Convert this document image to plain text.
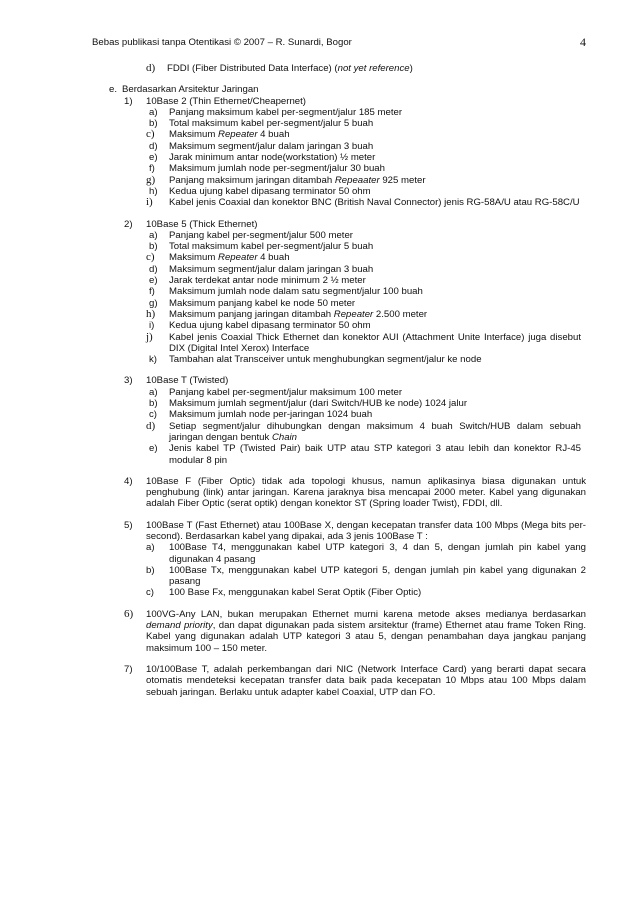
Bebas publikasi tanpa Otentikasi © 2007 – R. Sunardi, Bogor	4
d) FDDI (Fiber Distributed Data Interface) (not yet reference)
e. Berdasarkan Arsitektur Jaringan
1) 10Base 2 (Thin Ethernet/Cheapernet)
a) Panjang maksimum kabel per-segment/jalur 185 meter
b) Total maksimum kabel per-segment/jalur 5 buah
c) Maksimum Repeater 4 buah
d) Maksimum segment/jalur dalam jaringan 3 buah
e) Jarak minimum antar node(workstation) ½ meter
f) Maksimum jumlah node per-segment/jalur 30 buah
g) Panjang maksimum jaringan ditambah Repeaater 925 meter
h) Kedua ujung kabel dipasang terminator 50 ohm
i) Kabel jenis Coaxial dan konektor BNC (British Naval Connector) jenis RG-58A/U atau RG-58C/U
2) 10Base 5 (Thick Ethernet)
a) Panjang kabel per-segment/jalur 500 meter
b) Total maksimum kabel per-segment/jalur 5 buah
c) Maksimum Repeater 4 buah
d) Maksimum segment/jalur dalam jaringan 3 buah
e) Jarak terdekat antar node minimum 2 ½ meter
f) Maksimum jumlah node dalam satu segment/jalur 100 buah
g) Maksimum panjang kabel ke node 50 meter
h) Maksimum panjang jaringan ditambah Repeater 2.500 meter
i) Kedua ujung kabel dipasang terminator 50 ohm
j) Kabel jenis Coaxial Thick Ethernet dan konektor AUI (Attachment Unite Interface) juga disebut DIX (Digital Intel Xerox) Interface
k) Tambahan alat Transceiver untuk menghubungkan segment/jalur ke node
3) 10Base T (Twisted)
a) Panjang kabel per-segment/jalur maksimum 100 meter
b) Maksimum jumlah segment/jalur (dari Switch/HUB ke node) 1024 jalur
c) Maksimum jumlah node per-jaringan 1024 buah
d) Setiap segment/jalur dihubungkan dengan maksimum 4 buah Switch/HUB dalam sebuah jaringan dengan bentuk Chain
e) Jenis kabel TP (Twisted Pair) baik UTP atau STP kategori 3 atau lebih dan konektor RJ-45 modular 8 pin
4) 10Base F (Fiber Optic) tidak ada topologi khusus, namun aplikasinya biasa digunakan untuk penghubung (link) antar jaringan. Karena jaraknya bisa mencapai 2000 meter. Kabel yang digunakan adalah Fiber Optic (serat optik) dengan konektor ST (Spring loader Twist), FDDI, dll.
5) 100Base T (Fast Ethernet) atau 100Base X, dengan kecepatan transfer data 100 Mbps (Mega bits per-second). Berdasarkan kabel yang dipakai, ada 3 jenis 100Base T :
a) 100Base T4, menggunakan kabel UTP kategori 3, 4 dan 5, dengan jumlah pin kabel yang digunakan 4 pasang
b) 100Base Tx, menggunakan kabel UTP kategori 5, dengan jumlah pin kabel yang digunakan 2 pasang
c) 100 Base Fx, menggunakan kabel Serat Optik (Fiber Optic)
6) 100VG-Any LAN, bukan merupakan Ethernet murni karena metode akses medianya berdasarkan demand priority, dan dapat digunakan pada sistem arsitektur (frame) Ethernet atau frame Token Ring. Kabel yang digunakan adalah UTP kategori 3 atau 5, dengan penambahan daya jangkau panjang maksimum 100 – 150 meter.
7) 10/100Base T, adalah perkembangan dari NIC (Network Interface Card) yang berarti dapat secara otomatis mendeteksi kecepatan transfer data baik pada kecepatan 10 Mbps atau 100 Mbps dalam sebuah jaringan. Berlaku untuk adapter kabel Coaxial, UTP dan FO.
